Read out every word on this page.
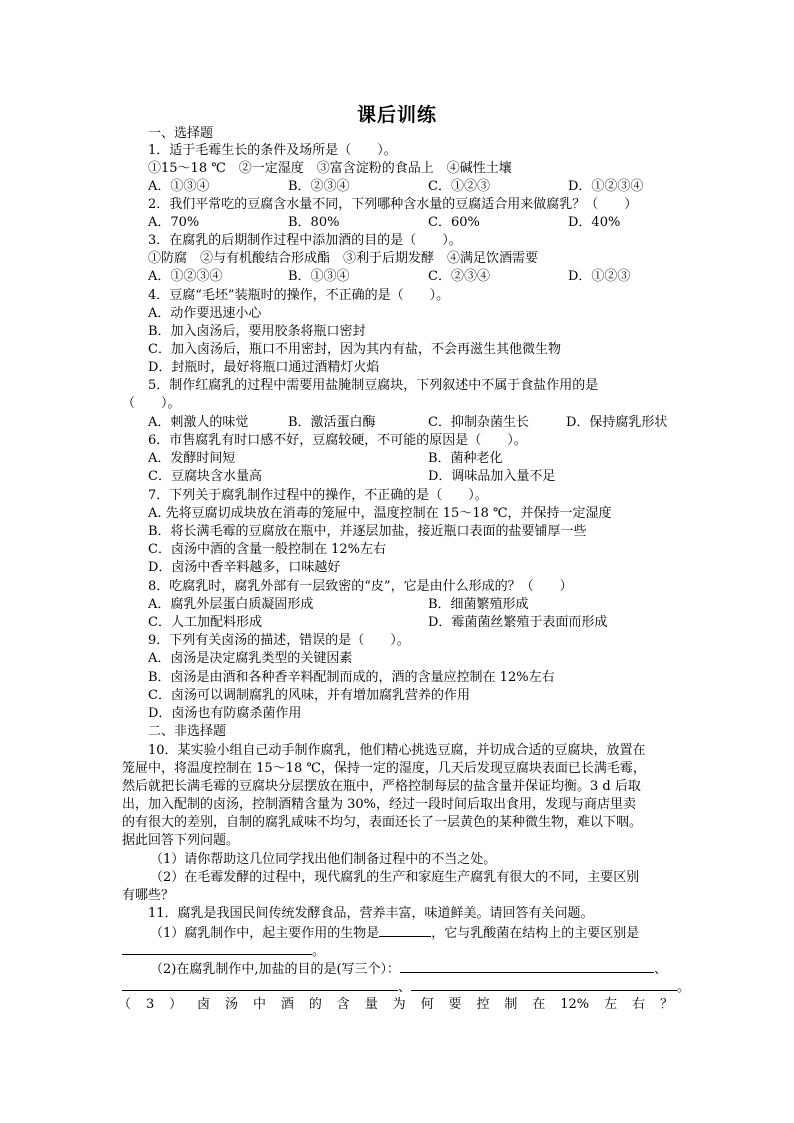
课后训练
一、选择题
1．适于毛霉生长的条件及场所是（　　）。
①15～18 ℃　②一定湿度　③富含淀粉的食品上　④碱性土壤
A．①③④	B．②③④	C．①②③	D．①②③④
2．我们平常吃的豆腐含水量不同，下列哪种含水量的豆腐适合用来做腐乳？（　　）
A．70%	B．80%	C．60%	D．40%
3．在腐乳的后期制作过程中添加酒的目的是（　　）。
①防腐　②与有机酸结合形成酯　③利于后期发酵　④满足饮酒需要
A．①②③④	B．①③④	C．②③④	D．①②③
4．豆腐“毛坯”装瓶时的操作，不正确的是（　　）。
A．动作要迅速小心
B．加入卤汤后，要用胶条将瓶口密封
C．加入卤汤后，瓶口不用密封，因为其内有盐，不会再滋生其他微生物
D．封瓶时，最好将瓶口通过酒精灯火焰
5．制作红腐乳的过程中需要用盐腌制豆腐块，下列叙述中不属于食盐作用的是
（　　）。
A．刺激人的味觉	B．激活蛋白酶	C．抑制杂菌生长	D．保持腐乳形状
6．市售腐乳有时口感不好，豆腐较硬，不可能的原因是（　　）。
A．发酵时间短	B．菌种老化
C．豆腐块含水量高	D．调味品加入量不足
7．下列关于腐乳制作过程中的操作，不正确的是（　　）。
A. 先将豆腐切成块放在消毒的笼屉中，温度控制在 15～18 ℃，并保持一定湿度
B．将长满毛霉的豆腐放在瓶中，并逐层加盐，接近瓶口表面的盐要铺厚一些
C．卤汤中酒的含量一般控制在 12%左右
D．卤汤中香辛料越多，口味越好
8．吃腐乳时，腐乳外部有一层致密的“皮”，它是由什么形成的？（　　）
A．腐乳外层蛋白质凝固形成	B．细菌繁殖形成
C．人工加配料形成	D．霉菌菌丝繁殖于表面而形成
9．下列有关卤汤的描述，错误的是（　　）。
A．卤汤是决定腐乳类型的关键因素
B．卤汤是由酒和各种香辛料配制而成的，酒的含量应控制在 12%左右
C．卤汤可以调制腐乳的风味，并有增加腐乳营养的作用
D．卤汤也有防腐杀菌作用
二、非选择题
10．某实验小组自己动手制作腐乳，他们精心挑选豆腐，并切成合适的豆腐块，放置在
笼屉中，将温度控制在 15～18 ℃，保持一定的湿度，几天后发现豆腐块表面已长满毛霉，
然后就把长满毛霉的豆腐块分层摆放在瓶中，严格控制每层的盐含量并保证均衡。3 d 后取
出，加入配制的卤汤，控制酒精含量为 30%，经过一段时间后取出食用，发现与商店里卖
的有很大的差别，自制的腐乳咸味不均匀，表面还长了一层黄色的某种微生物，难以下咽。
据此回答下列问题。
（1）请你帮助这几位同学找出他们制备过程中的不当之处。
（2）在毛霉发酵的过程中，现代腐乳的生产和家庭生产腐乳有很大的不同，主要区别
有哪些？
11．腐乳是我国民间传统发酵食品，营养丰富，味道鲜美。请回答有关问题。
（1）腐乳制作中，起主要作用的生物是	，它与乳酸菌在结构上的主要区别是
。
（2)在腐乳制作中,加盐的目的是(写三个）：	、
、	。
（ 3 ） 卤 汤 中 酒 的 含 量 为 何 要 控 制 在 12% 左 右 ？
